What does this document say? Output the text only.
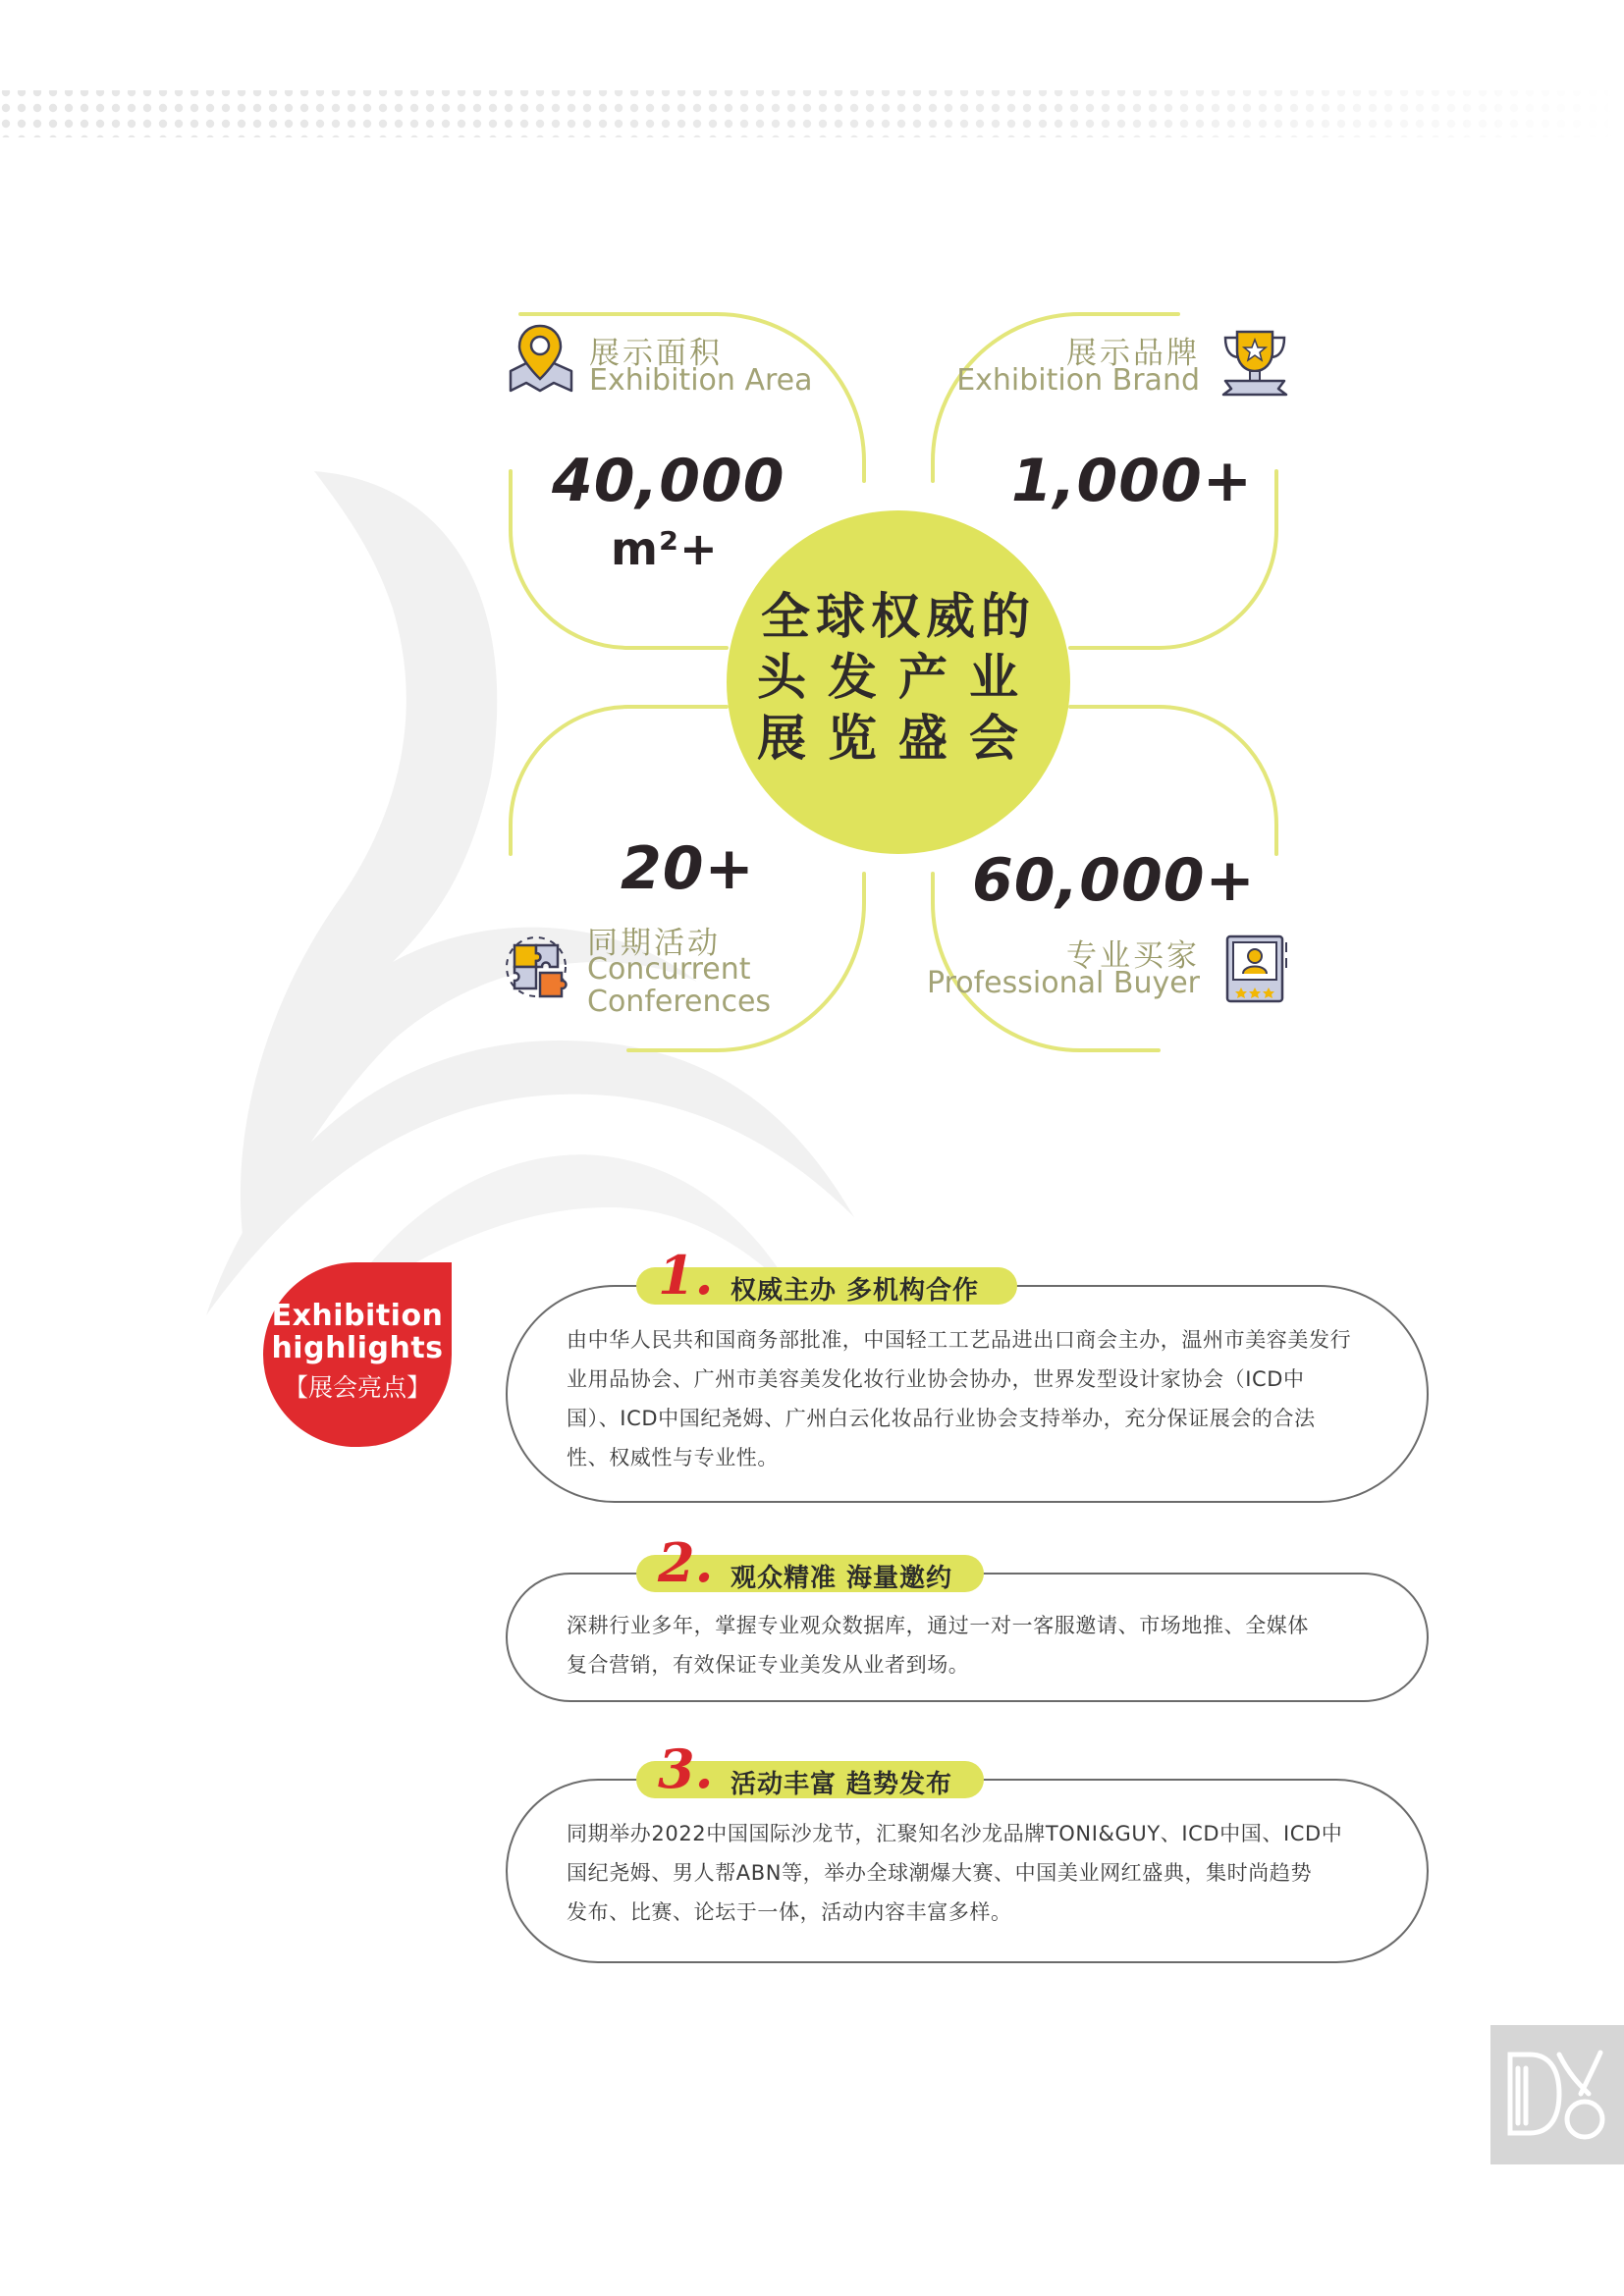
展示面积
Exhibition Area
40,000
m²+
展示品牌
Exhibition Brand
1,000+
全球权威的
头发产业
展览盛会
20+
同期活动
Concurrent
Conferences
60,000+
专业买家
Professional Buyer
Exhibition
highlights
【展会亮点】
由中华人民共和国商务部批准，中国轻工工艺品进出口商会主办，温州市美容美发行
业用品协会、广州市美容美发化妆行业协会协办，世界发型设计家协会（ICD中
国）、ICD中国纪尧姆、广州白云化妆品行业协会支持举办，充分保证展会的合法
性、权威性与专业性。
1. 权威主办 多机构合作
深耕行业多年，掌握专业观众数据库，通过一对一客服邀请、市场地推、全媒体
复合营销，有效保证专业美发从业者到场。
2. 观众精准 海量邀约
同期举办2022中国国际沙龙节，汇聚知名沙龙品牌TONI&GUY、ICD中国、ICD中
国纪尧姆、男人帮ABN等，举办全球潮爆大赛、中国美业网红盛典，集时尚趋势
发布、比赛、论坛于一体，活动内容丰富多样。
3. 活动丰富 趋势发布
